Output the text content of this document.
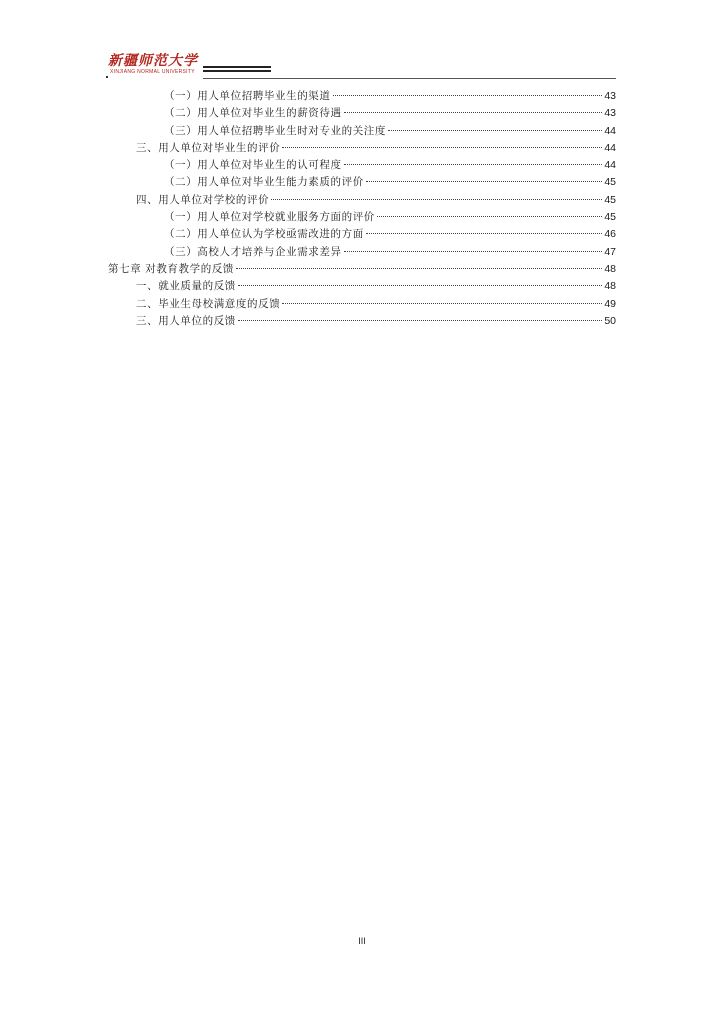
新疆师范大学
XINJIANG NORMAL UNIVERSITY
（一）用人单位招聘毕业生的渠道	43
（二）用人单位对毕业生的薪资待遇	43
（三）用人单位招聘毕业生时对专业的关注度	44
三、用人单位对毕业生的评价	44
（一）用人单位对毕业生的认可程度	44
（二）用人单位对毕业生能力素质的评价	45
四、用人单位对学校的评价	45
（一）用人单位对学校就业服务方面的评价	45
（二）用人单位认为学校亟需改进的方面	46
（三）高校人才培养与企业需求差异	47
第七章 对教育教学的反馈	48
一、就业质量的反馈	48
二、毕业生母校满意度的反馈	49
三、用人单位的反馈	50
III
